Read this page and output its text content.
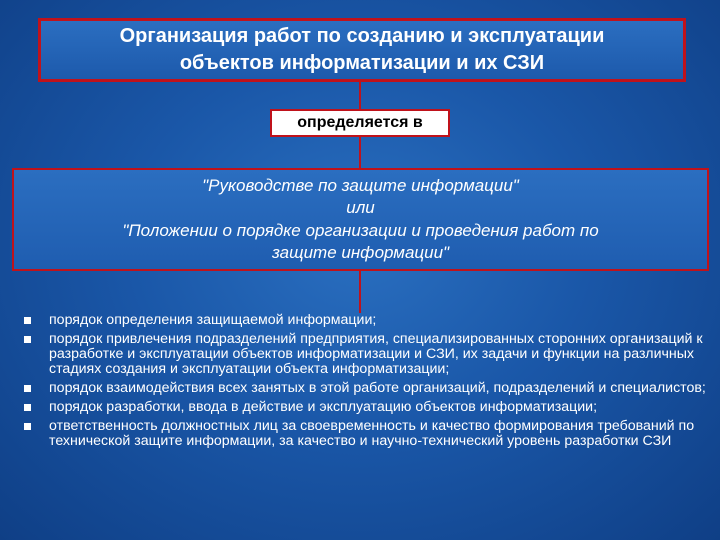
Организация работ по созданию и эксплуатации
объектов информатизации и их СЗИ
определяется в
"Руководстве по защите информации"
или
"Положении о порядке организации и проведения работ по
защите информации"
порядок определения защищаемой информации;
порядок привлечения подразделений предприятия, специализированных сторонних организаций к разработке и эксплуатации объектов информатизации и СЗИ, их задачи и функции на различных стадиях создания и эксплуатации объекта информатизации;
порядок взаимодействия всех занятых в этой работе организаций, подразделений и специалистов;
порядок разработки, ввода в действие и эксплуатацию объектов информатизации;
ответственность должностных лиц за своевременность и качество формирования требований по технической защите информации, за качество и научно-технический уровень разработки СЗИ
